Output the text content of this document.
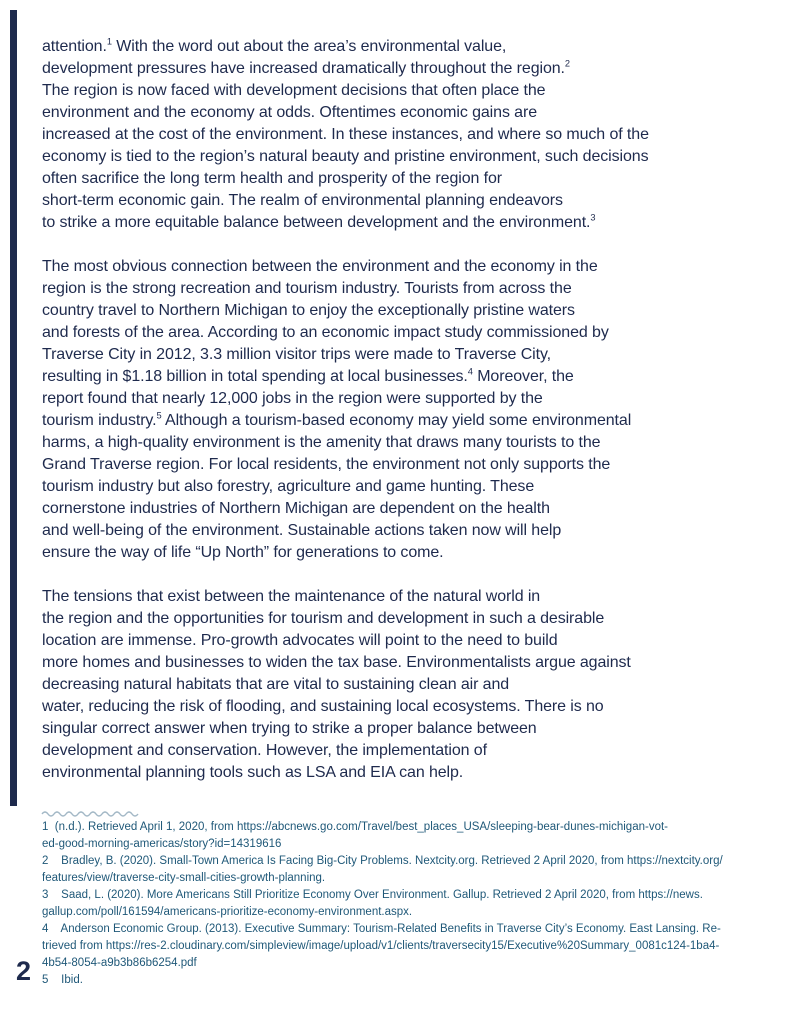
attention.$^1$ With the word out about the area’s environmental value,
development pressures have increased dramatically throughout the region.$^2$
The region is now faced with development decisions that often place the
environment and the economy at odds. Oftentimes economic gains are
increased at the cost of the environment. In these instances, and where so much of the
economy is tied to the region’s natural beauty and pristine environment, such decisions
often sacrifice the long term health and prosperity of the region for
short-term economic gain. The realm of environmental planning endeavors
to strike a more equitable balance between development and the environment.$^3$
The most obvious connection between the environment and the economy in the
region is the strong recreation and tourism industry. Tourists from across the
country travel to Northern Michigan to enjoy the exceptionally pristine waters
and forests of the area. According to an economic impact study commissioned by
Traverse City in 2012, 3.3 million visitor trips were made to Traverse City,
resulting in $1.18 billion in total spending at local businesses.$^4$ Moreover, the
report found that nearly 12,000 jobs in the region were supported by the
tourism industry.$^5$ Although a tourism-based economy may yield some environmental
harms, a high-quality environment is the amenity that draws many tourists to the
Grand Traverse region. For local residents, the environment not only supports the
tourism industry but also forestry, agriculture and game hunting. These
cornerstone industries of Northern Michigan are dependent on the health
and well-being of the environment. Sustainable actions taken now will help
ensure the way of life “Up North” for generations to come.
The tensions that exist between the maintenance of the natural world in
the region and the opportunities for tourism and development in such a desirable
location are immense. Pro-growth advocates will point to the need to build
more homes and businesses to widen the tax base. Environmentalists argue against
decreasing natural habitats that are vital to sustaining clean air and
water, reducing the risk of flooding, and sustaining local ecosystems. There is no
singular correct answer when trying to strike a proper balance between
development and conservation. However, the implementation of
environmental planning tools such as LSA and EIA can help.
1  (n.d.). Retrieved April 1, 2020, from https://abcnews.go.com/Travel/best_places_USA/sleeping-bear-dunes-michigan-vot-
ed-good-morning-americas/story?id=14319616
2    Bradley, B. (2020). Small-Town America Is Facing Big-City Problems. Nextcity.org. Retrieved 2 April 2020, from https://nextcity.org/
features/view/traverse-city-small-cities-growth-planning.
3    Saad, L. (2020). More Americans Still Prioritize Economy Over Environment. Gallup. Retrieved 2 April 2020, from https://news.
gallup.com/poll/161594/americans-prioritize-economy-environment.aspx.
4    Anderson Economic Group. (2013). Executive Summary: Tourism-Related Benefits in Traverse City’s Economy. East Lansing. Re-
trieved from https://res-2.cloudinary.com/simpleview/image/upload/v1/clients/traversecity15/Executive%20Summary_0081c124-1ba4-
4b54-8054-a9b3b86b6254.pdf
5    Ibid.
2
